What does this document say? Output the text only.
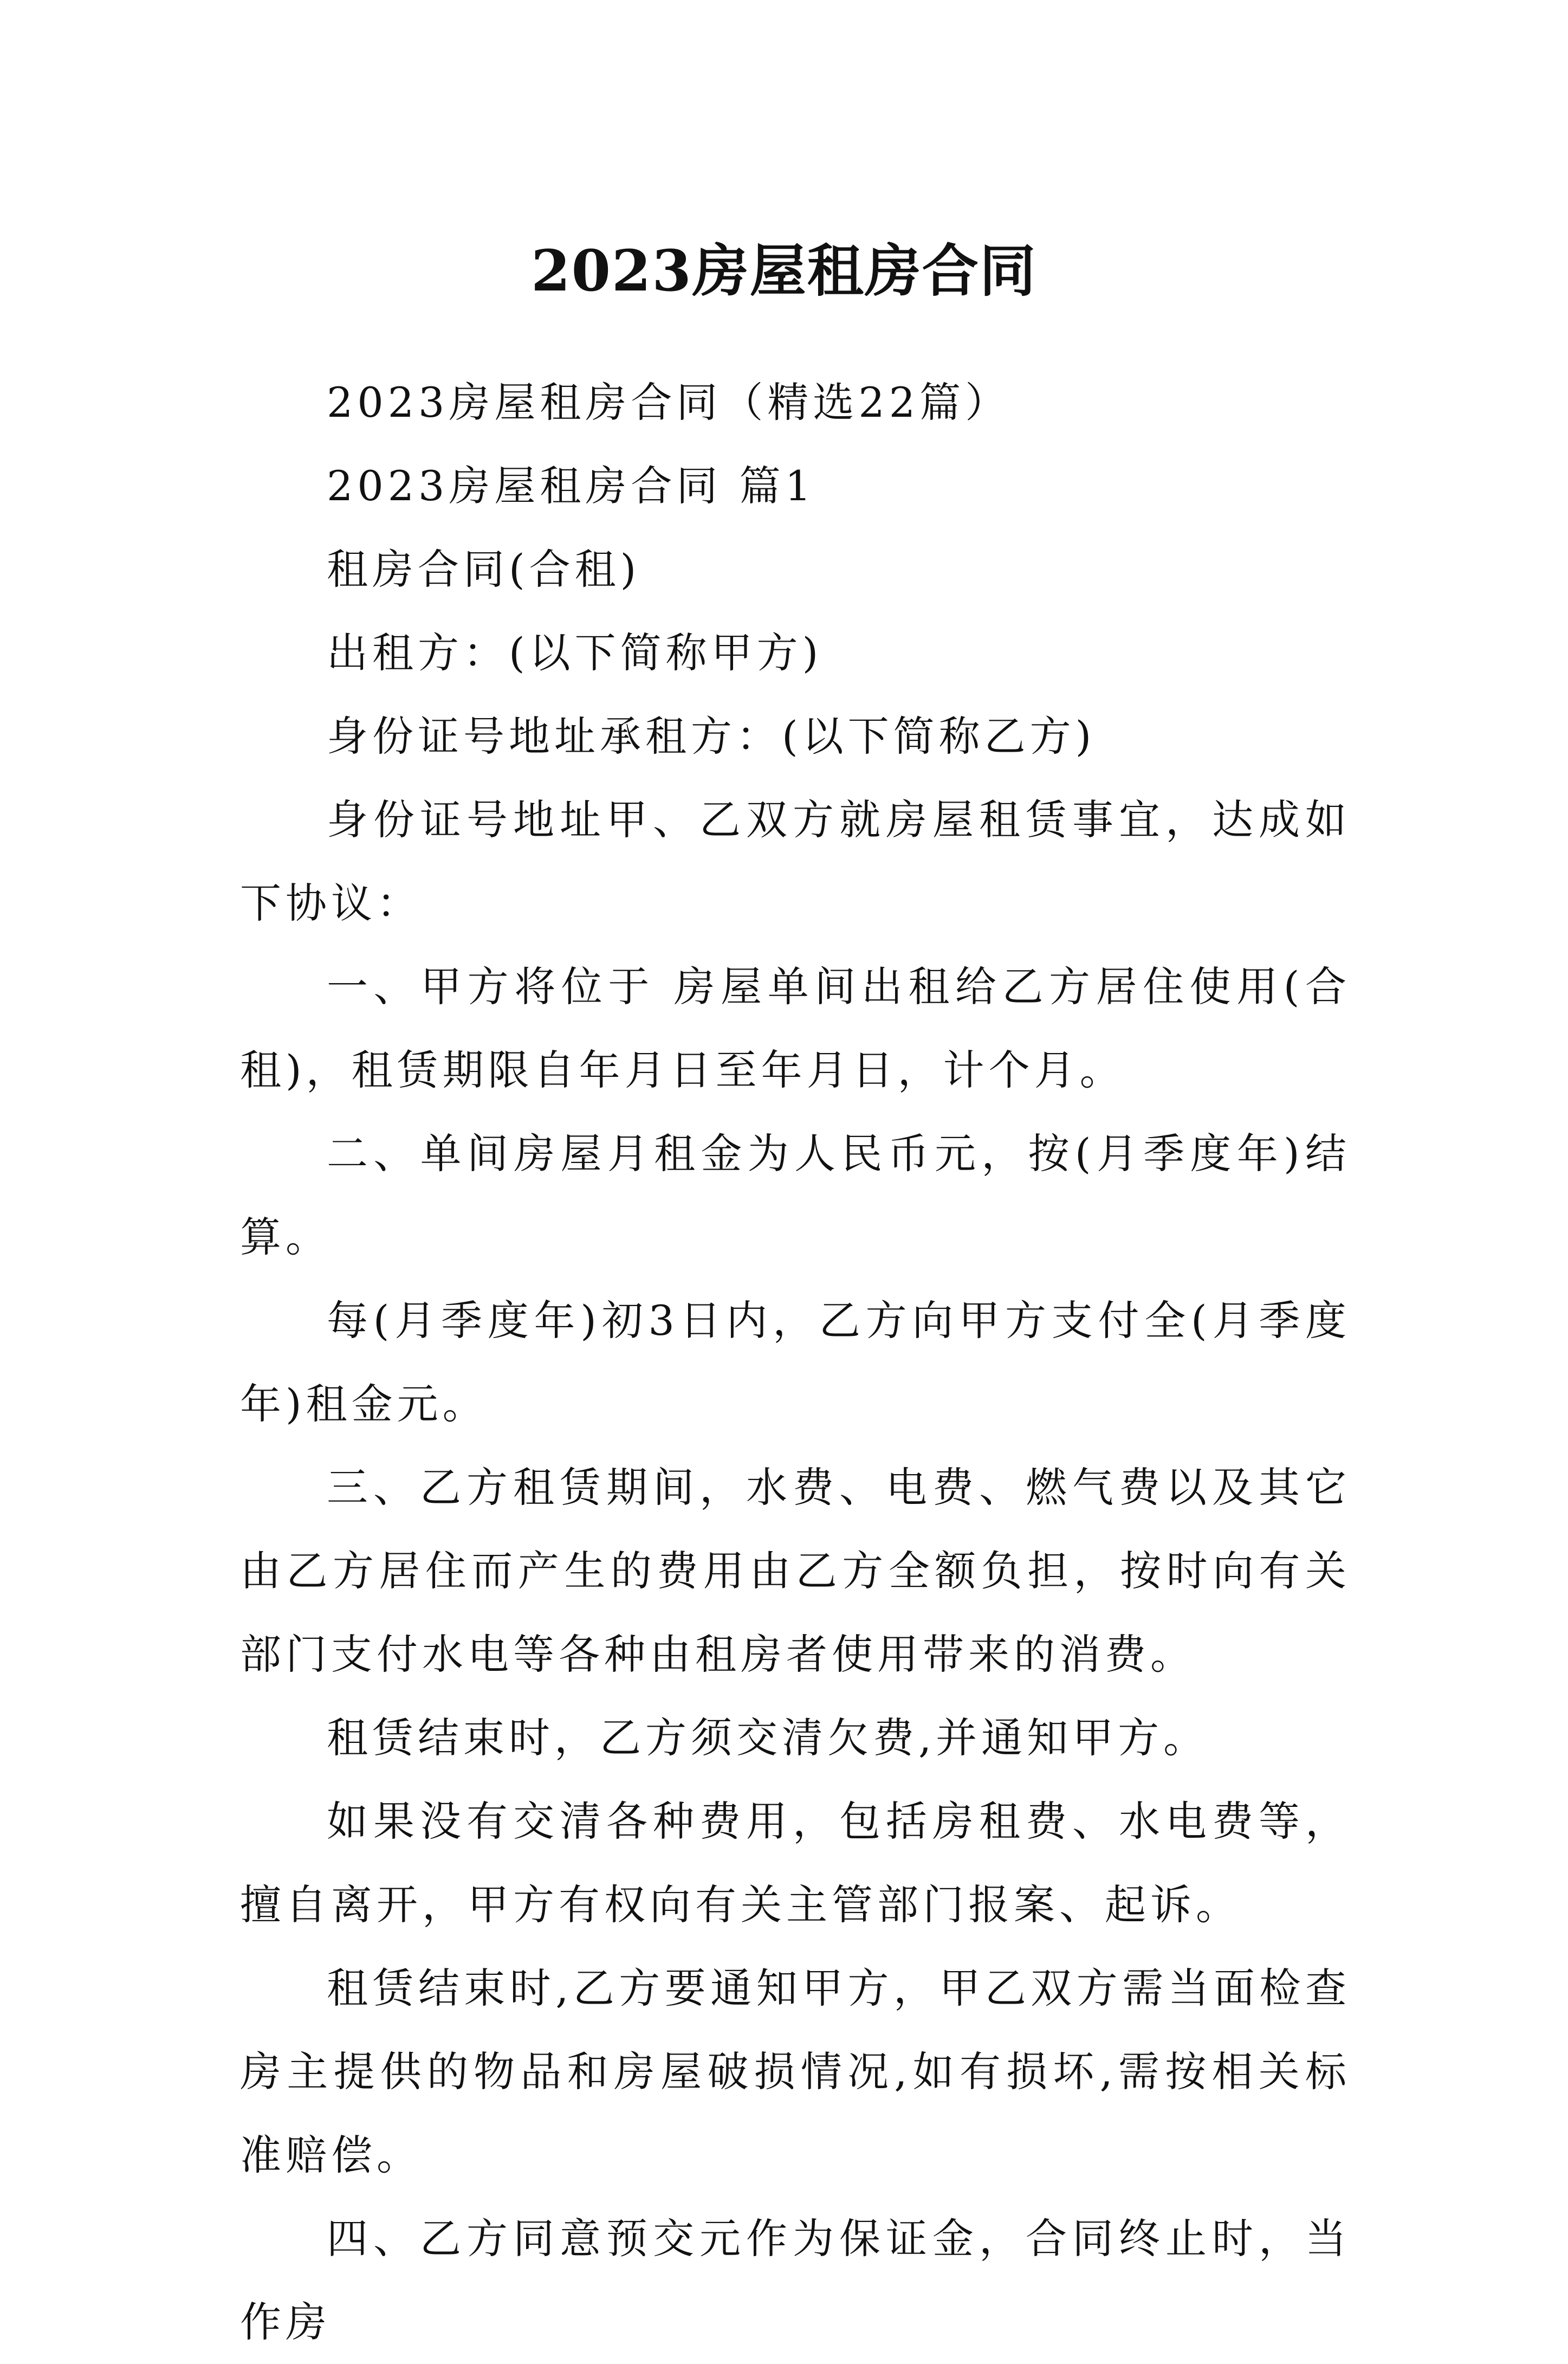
2023房屋租房合同

2023房屋租房合同（精选22篇）

2023房屋租房合同 篇1

租房合同(合租)

出租方：(以下简称甲方)

身份证号地址承租方：(以下简称乙方)

身份证号地址甲、乙双方就房屋租赁事宜，达成如下协议：

一、甲方将位于 房屋单间出租给乙方居住使用(合租)，租赁期限自年月日至年月日，计个月。

二、单间房屋月租金为人民币元，按(月季度年)结算。

每(月季度年)初3日内，乙方向甲方支付全(月季度年)租金元。

三、乙方租赁期间，水费、电费、燃气费以及其它由乙方居住而产生的费用由乙方全额负担，按时向有关部门支付水电等各种由租房者使用带来的消费。

租赁结束时，乙方须交清欠费,并通知甲方。

如果没有交清各种费用，包括房租费、水电费等，擅自离开，甲方有权向有关主管部门报案、起诉。

租赁结束时,乙方要通知甲方，甲乙双方需当面检查房主提供的物品和房屋破损情况,如有损坏,需按相关标准赔偿。

四、乙方同意预交元作为保证金，合同终止时，当作房
